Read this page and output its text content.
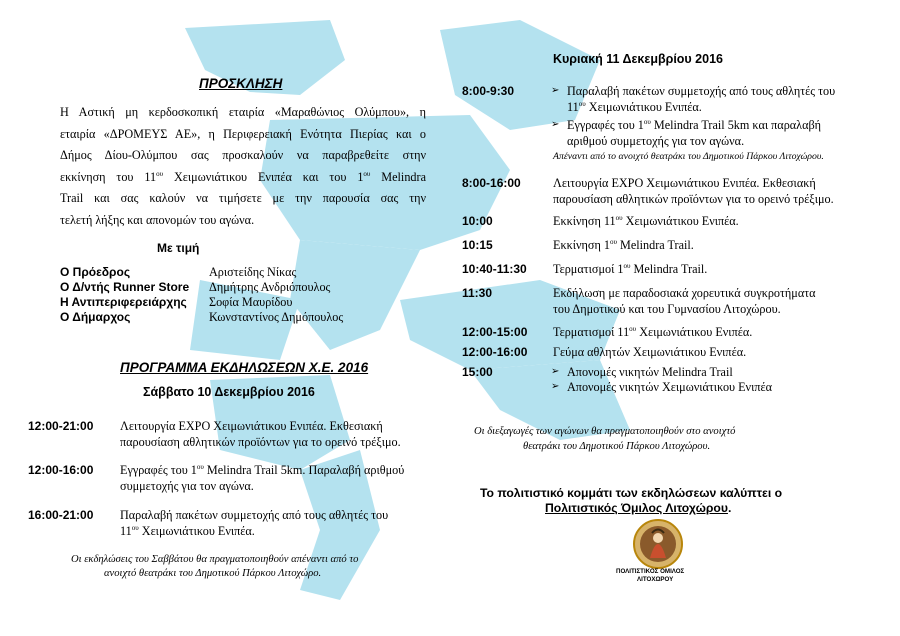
ΠΡΟΣΚΛΗΣΗ
Η Αστική μη κερδοσκοπική εταιρία «Μαραθώνιος Ολύμπου», η
εταιρία «ΔΡΟΜΕΥΣ ΑΕ», η Περιφερειακή Ενότητα Πιερίας και ο
Δήμος Δίου-Ολύμπου σας προσκαλούν να παραβρεθείτε στην
εκκίνηση του $11^{o\upsilon}$ Χειμωνιάτικου Ενιπέα και του $1^{o\upsilon}$ Melindra
Trail και σας καλούν να τιμήσετε με την παρουσία σας την
τελετή λήξης και απονομών του αγώνα.
Με τιμή
Ο Πρόεδρος	Αριστείδης Νίκας
Ο Δ/ντής Runner Store Δημήτρης Ανδριόπουλος
Η Αντιπεριφερειάρχης Σοφία Μαυρίδου
Ο Δήμαρχος	Κωνσταντίνος Δημόπουλος
ΠΡΟΓΡΑΜΜΑ ΕΚΔΗΛΩΣΕΩΝ Χ.Ε. 2016
Σάββατο 10 Δεκεμβρίου 2016
12:00-21:00 Λειτουργία EXPO Χειμωνιάτικου Ενιπέα. Εκθεσιακή
παρουσίαση αθλητικών προϊόντων για το ορεινό τρέξιμο.
12:00-16:00 Εγγραφές του $1^{o\upsilon}$ Melindra Trail 5km. Παραλαβή αριθμού
συμμετοχής για τον αγώνα.
16:00-21:00 Παραλαβή πακέτων συμμετοχής από τους αθλητές του
$11^{o\upsilon}$ Χειμωνιάτικου Ενιπέα.
Οι εκδηλώσεις του Σαββάτου θα πραγματοποιηθούν απέναντι από το
ανοιχτό θεατράκι του Δημοτικού Πάρκου Λιτοχώρο.
Κυριακή 11 Δεκεμβρίου 2016
8:00-9:30	➢ Παραλαβή πακέτων συμμετοχής από τους αθλητές του
$11^{o\upsilon}$ Χειμωνιάτικου Ενιπέα.
➢ Εγγραφές του $1^{o\upsilon}$ Melindra Trail 5km και παραλαβή
αριθμού συμμετοχής για τον αγώνα.
Απέναντι από το ανοιχτό θεατράκι του Δημοτικού Πάρκου Λιτοχώρου.
8:00-16:00	Λειτουργία EXPO Χειμωνιάτικου Ενιπέα. Εκθεσιακή
παρουσίαση αθλητικών προϊόντων για το ορεινό τρέξιμο.
10:00	Εκκίνηση $11^{o\upsilon}$ Χειμωνιάτικου Ενιπέα.
10:15	Εκκίνηση $1^{o\upsilon}$ Melindra Trail.
10:40-11:30 Τερματισμοί $1^{o\upsilon}$ Melindra Trail.
11:30	Εκδήλωση με παραδοσιακά χορευτικά συγκροτήματα
του Δημοτικού και του Γυμνασίου Λιτοχώρου.
12:00-15:00 Τερματισμοί $11^{o\upsilon}$ Χειμωνιάτικου Ενιπέα.
12:00-16:00 Γεύμα αθλητών Χειμωνιάτικου Ενιπέα.
15:00	➢ Απονομές νικητών Melindra Trail
➢ Απονομές νικητών Χειμωνιάτικου Ενιπέα
Οι διεξαγωγές των αγώνων θα πραγματοποιηθούν στο ανοιχτό
θεατράκι του Δημοτικού Πάρκου Λιτοχώρου.
Το πολιτιστικό κομμάτι των εκδηλώσεων καλύπτει ο
Πολιτιστικός Όμιλος Λιτοχώρου.
ΠΟΛΙΤΙΣΤΙΚΟΣ ΟΜΙΛΟΣ
ΛΙΤΟΧΩΡΟΥ
